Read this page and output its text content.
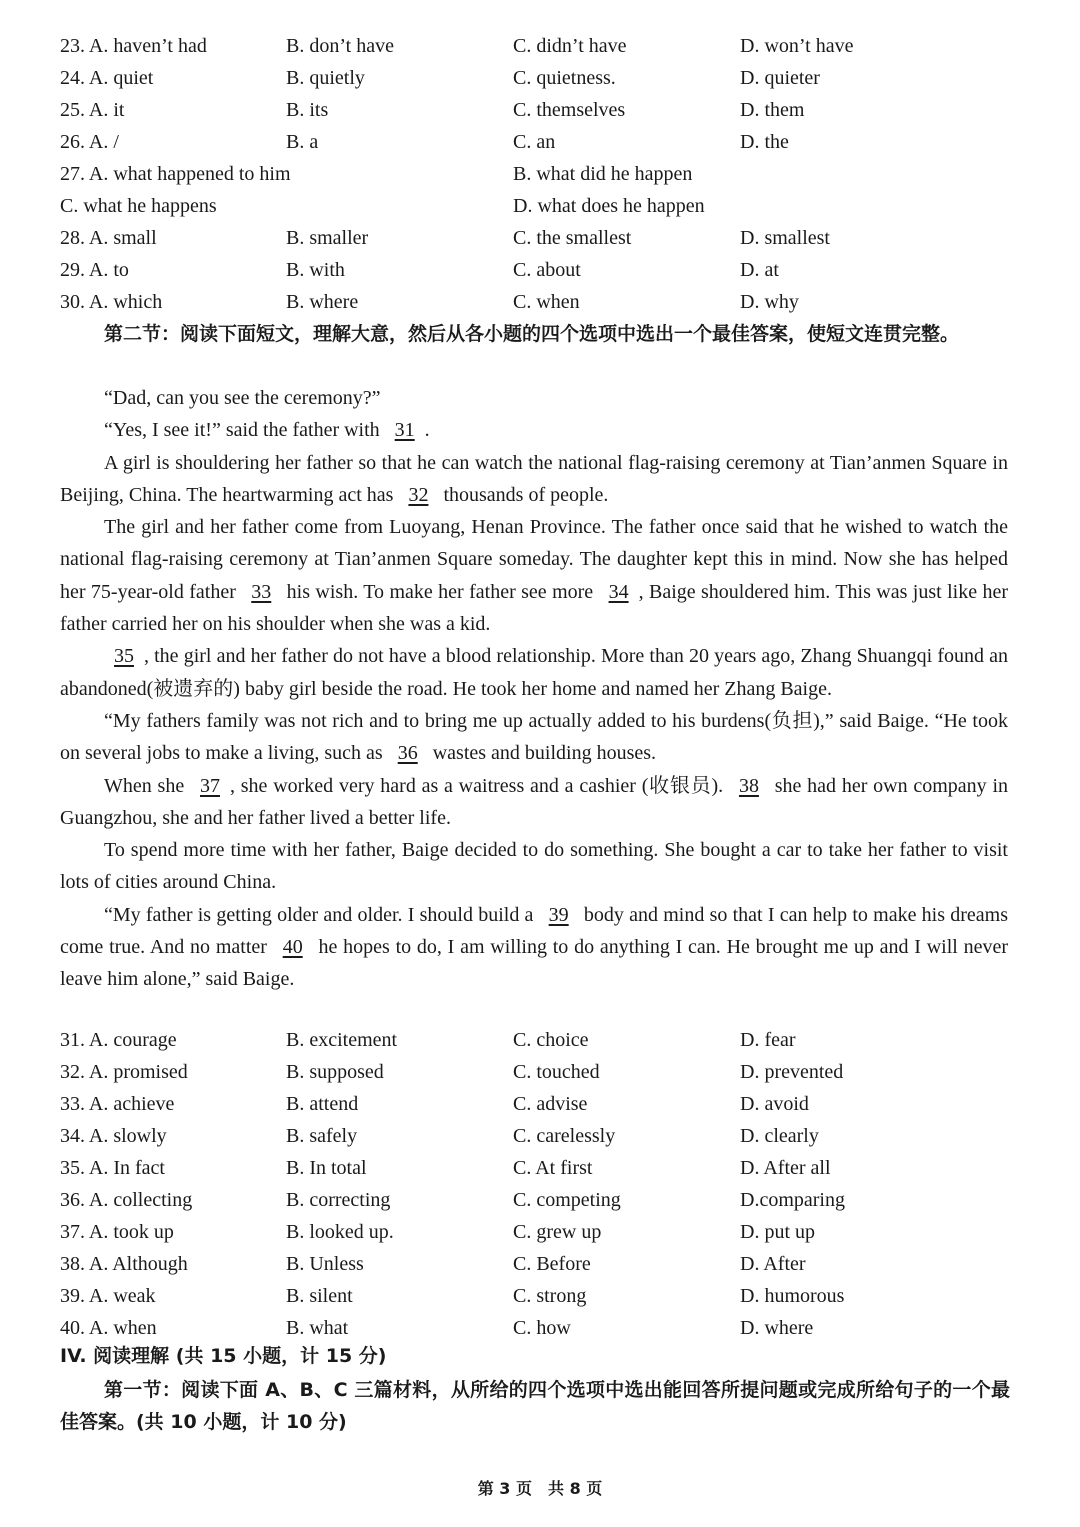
23. A. haven’t had	B. don’t have	C. didn’t have	D. won’t have
24. A. quiet	B. quietly	C. quietness.	D. quieter
25. A. it	B. its	C. themselves	D. them
26. A. /	B. a	C. an	D. the
27. A. what happened to him	B. what did he happen
C. what he happens	D. what does he happen
28. A. small	B. smaller	C. the smallest	D. smallest
29. A. to	B. with	C. about	D. at
30. A. which	B. where	C. when	D. why
第二节：阅读下面短文，理解大意，然后从各小题的四个选项中选出一个最佳答案，使短文连贯完整。

“Dad, can you see the ceremony?”

“Yes, I see it!” said the father with 31 .

A girl is shouldering her father so that he can watch the national flag-raising ceremony at Tian’anmen Square in Beijing, China. The heartwarming act has 32 thousands of people.

The girl and her father come from Luoyang, Henan Province. The father once said that he wished to watch the national flag-raising ceremony at Tian’anmen Square someday. The daughter kept this in mind. Now she has helped her 75-year-old father 33 his wish. To make her father see more 34 , Baige shouldered him. This was just like her father carried her on his shoulder when she was a kid.

35 , the girl and her father do not have a blood relationship. More than 20 years ago, Zhang Shuangqi found an abandoned(被遗弃的) baby girl beside the road. He took her home and named her Zhang Baige.

“My fathers family was not rich and to bring me up actually added to his burdens(负担),” said Baige. “He took on several jobs to make a living, such as 36 wastes and building houses.

When she 37 , she worked very hard as a waitress and a cashier (收银员). 38 she had her own company in Guangzhou, she and her father lived a better life.

To spend more time with her father, Baige decided to do something. She bought a car to take her father to visit lots of cities around China.

“My father is getting older and older. I should build a 39 body and mind so that I can help to make his dreams come true. And no matter 40 he hopes to do, I am willing to do anything I can. He brought me up and I will never leave him alone,” said Baige.

31. A. courage	B. excitement	C. choice	D. fear
32. A. promised	B. supposed	C. touched	D. prevented
33. A. achieve	B. attend	C. advise	D. avoid
34. A. slowly	B. safely	C. carelessly	D. clearly
35. A. In fact	B. In total	C. At first	D. After all
36. A. collecting	B. correcting	C. competing	D.comparing
37. A. took up	B. looked up.	C. grew up	D. put up
38. A. Although	B. Unless	C. Before	D. After
39. A. weak	B. silent	C. strong	D. humorous
40. A. when	B. what	C. how	D. where
IV. 阅读理解 (共 15 小题，计 15 分)
第一节：阅读下面 A、B、C 三篇材料，从所给的四个选项中选出能回答所提问题或完成所给句子的一个最佳答案。(共 10 小题，计 10 分)
第 3 页　共 8 页
